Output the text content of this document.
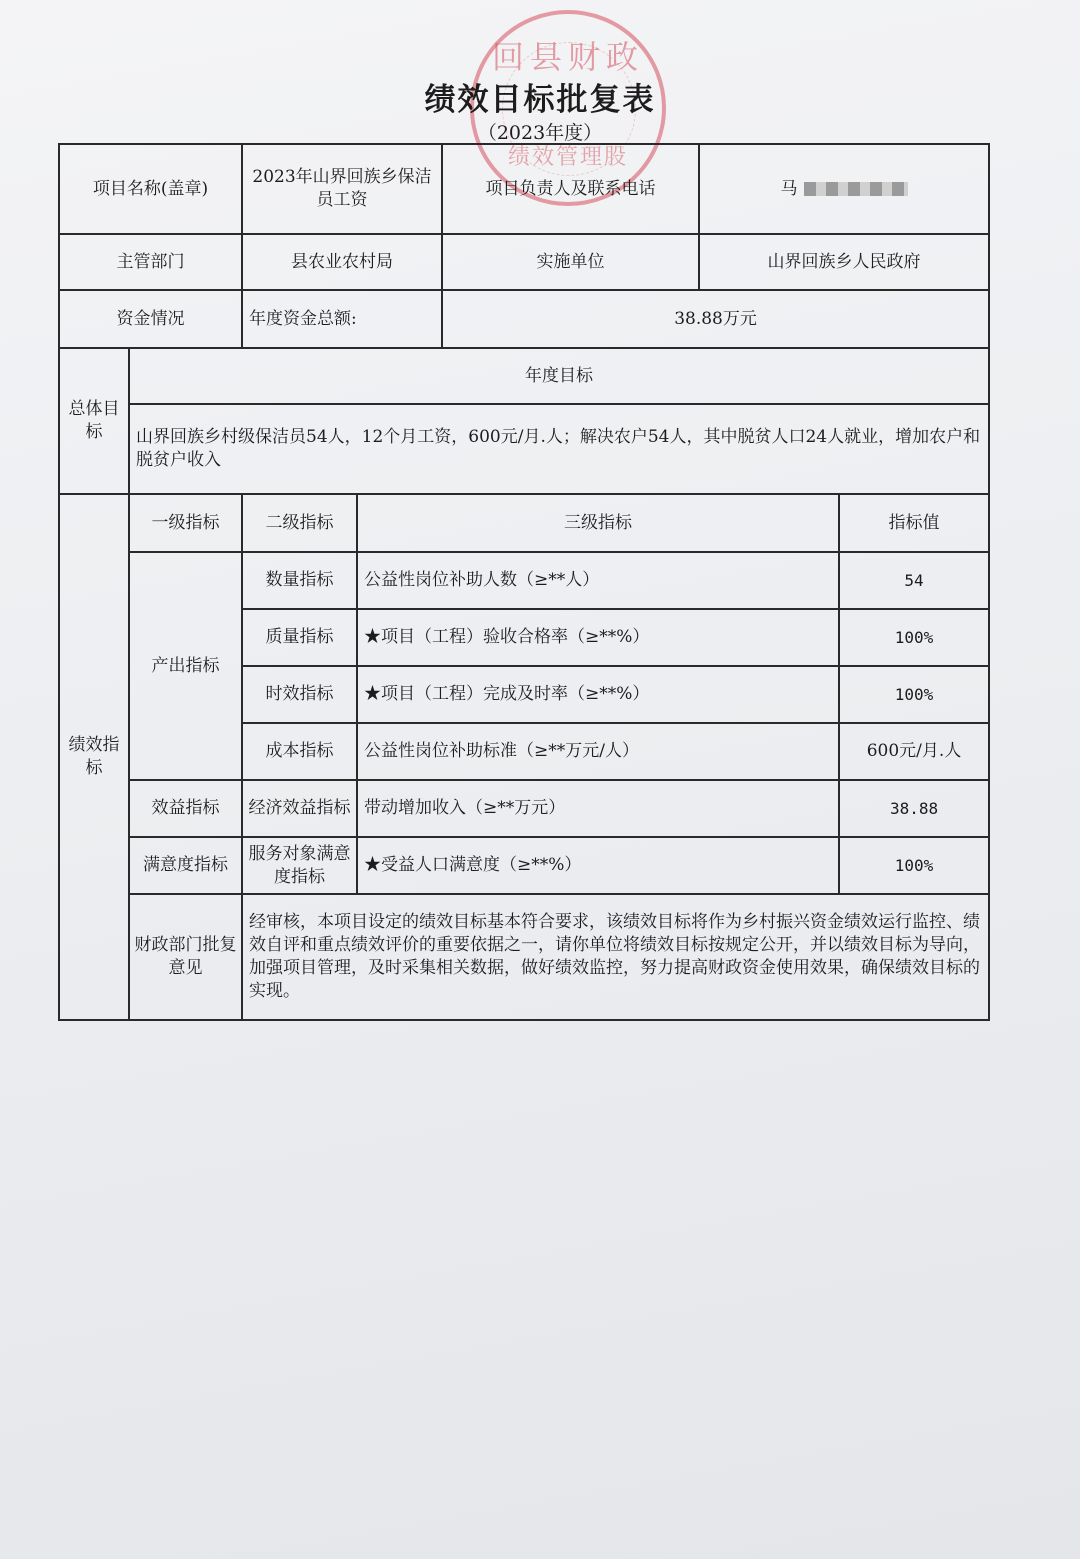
回县财政
绩效管理股
绩效目标批复表
（2023年度）
项目名称(盖章)		2023年山界回族乡保洁员工资		项目负责人及联系电话	马	
主管部门		县农业农村局		实施单位	山界回族乡人民政府	
资金情况		年度资金总额:		38.88万元		
总体目标	年度目标					
	山界回族乡村级保洁员54人，12个月工资，600元/月.人；解决农户54人，其中脱贫人口24人就业，增加农户和脱贫户收入					
绩效指标	一级指标	二级指标	三级指标			指标值
	产出指标	数量指标	公益性岗位补助人数（≥**人）			54
		质量指标	★项目（工程）验收合格率（≥**%）			100%
		时效指标	★项目（工程）完成及时率（≥**%）			100%
		成本指标	公益性岗位补助标准（≥**万元/人）			600元/月.人
	效益指标	经济效益指标	带动增加收入（≥**万元）			38.88
	满意度指标	服务对象满意度指标	★受益人口满意度（≥**%）			100%
	财政部门批复意见	经审核，本项目设定的绩效目标基本符合要求，该绩效目标将作为乡村振兴资金绩效运行监控、绩效自评和重点绩效评价的重要依据之一，请你单位将绩效目标按规定公开，并以绩效目标为导向，加强项目管理，及时采集相关数据，做好绩效监控，努力提高财政资金使用效果，确保绩效目标的实现。				
